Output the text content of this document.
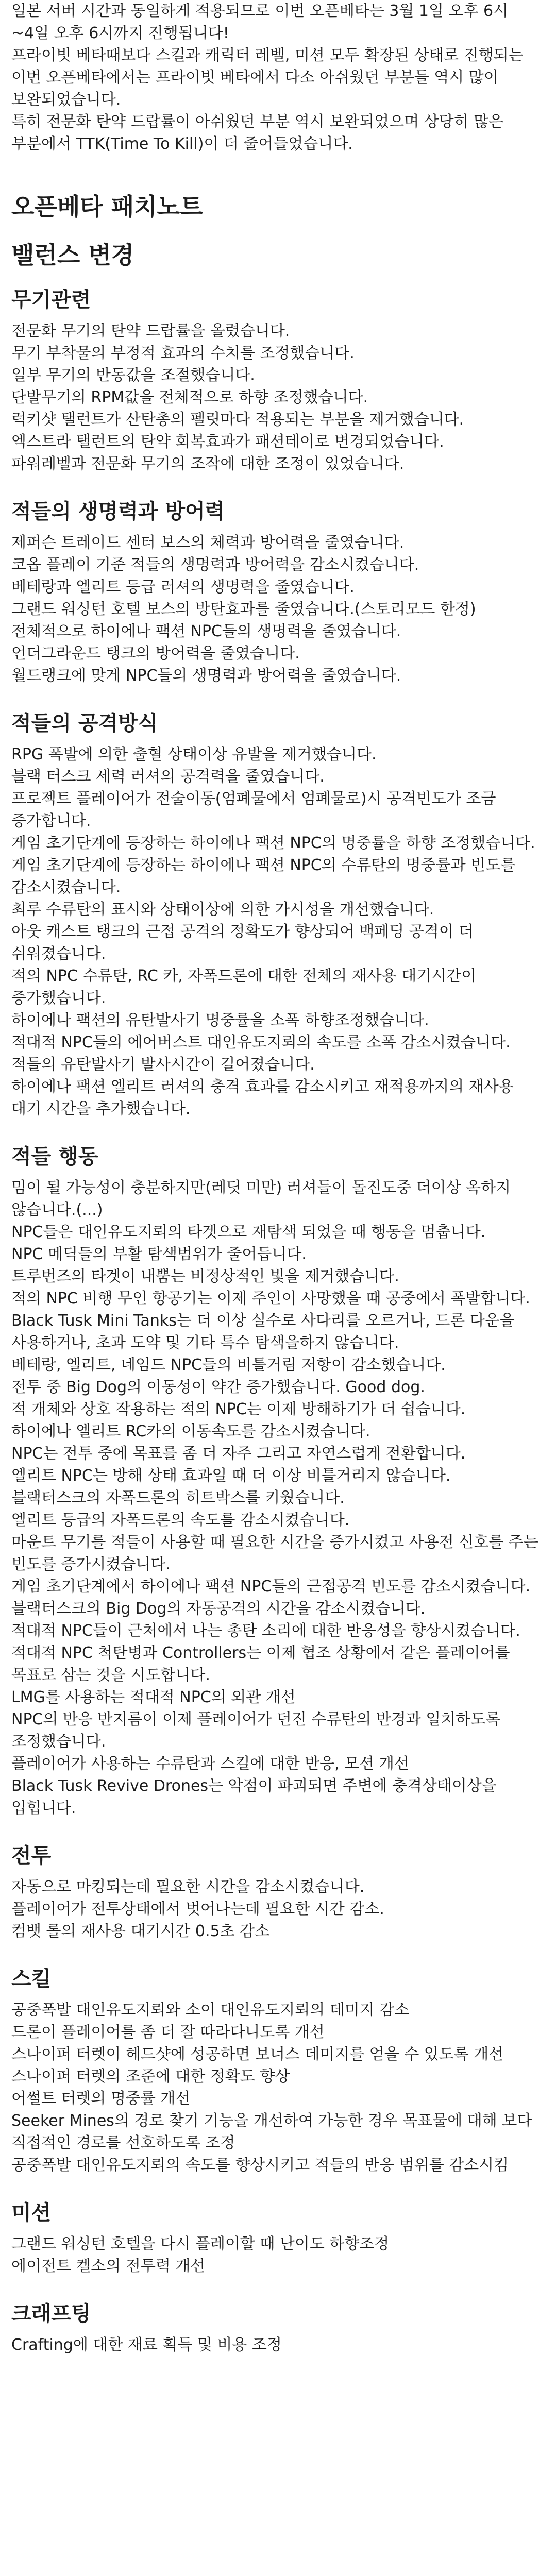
일본 서버 시간과 동일하게 적용되므로 이번 오픈베타는 3월 1일 오후 6시 ~4일 오후 6시까지 진행됩니다!

프라이빗 베타때보다 스킬과 캐릭터 레벨, 미션 모두 확장된 상태로 진행되는 이번 오픈베타에서는 프라이빗 베타에서 다소 아쉬웠던 부분들 역시 많이 보완되었습니다.

특히 전문화 탄약 드랍률이 아쉬웠던 부분 역시 보완되었으며 상당히 많은 부분에서 TTK(Time To Kill)이 더 줄어들었습니다.

오픈베타 패치노트
밸런스 변경
무기관련

전문화 무기의 탄약 드랍률을 올렸습니다.

무기 부착물의 부정적 효과의 수치를 조정했습니다.

일부 무기의 반동값을 조절했습니다.

단발무기의 RPM값을 전체적으로 하향 조정했습니다.

럭키샷 탤런트가 산탄총의 펠릿마다 적용되는 부분을 제거했습니다.

엑스트라 탤런트의 탄약 회복효과가 패션테이로 변경되었습니다.

파워레벨과 전문화 무기의 조작에 대한 조정이 있었습니다.

적들의 생명력과 방어력

제퍼슨 트레이드 센터 보스의 체력과 방어력을 줄였습니다.

코옵 플레이 기준 적들의 생명력과 방어력을 감소시켰습니다.

베테랑과 엘리트 등급 러셔의 생명력을 줄였습니다.

그랜드 워싱턴 호텔 보스의 방탄효과를 줄였습니다.(스토리모드 한정)

전체적으로 하이에나 팩션 NPC들의 생명력을 줄였습니다.

언더그라운드 탱크의 방어력을 줄였습니다.

월드랭크에 맞게 NPC들의 생명력과 방어력을 줄였습니다.

적들의 공격방식

RPG 폭발에 의한 출혈 상태이상 유발을 제거했습니다.

블랙 터스크 세력 러셔의 공격력을 줄였습니다.

프로젝트 플레이어가 전술이동(엄폐물에서 엄폐물로)시 공격빈도가 조금 증가합니다.

게임 초기단계에 등장하는 하이에나 팩션 NPC의 명중률을 하향 조정했습니다.

게임 초기단계에 등장하는 하이에나 팩션 NPC의 수류탄의 명중률과 빈도를 감소시켰습니다.

최루 수류탄의 표시와 상태이상에 의한 가시성을 개선했습니다.

아웃 캐스트 탱크의 근접 공격의 정확도가 향상되어 백페딩 공격이 더 쉬워졌습니다.

적의 NPC 수류탄, RC 카, 자폭드론에 대한 전체의 재사용 대기시간이 증가했습니다.

하이에나 팩션의 유탄발사기 명중률을 소폭 하향조정했습니다.

적대적 NPC들의 에어버스트 대인유도지뢰의 속도를 소폭 감소시켰습니다.

적들의 유탄발사기 발사시간이 길어졌습니다.

하이에나 팩션 엘리트 러셔의 충격 효과를 감소시키고 재적용까지의 재사용 대기 시간을 추가했습니다.

적들 행동

밈이 될 가능성이 충분하지만(레딧 미만) 러셔들이 돌진도중 더이상 옥하지 않습니다.(...)

NPC들은 대인유도지뢰의 타겟으로 재탐색 되었을 때 행동을 멈춥니다.

NPC 메딕들의 부활 탐색범위가 줄어듭니다.

트루번즈의 타겟이 내뿜는 비정상적인 빛을 제거했습니다.

적의 NPC 비행 무인 항공기는 이제 주인이 사망했을 때 공중에서 폭발합니다.

Black Tusk Mini Tanks는 더 이상 실수로 사다리를 오르거나, 드론 다운을 사용하거나, 초과 도약 및 기타 특수 탐색을하지 않습니다.

베테랑, 엘리트, 네임드 NPC들의 비틀거림 저항이 감소했습니다.

전투 중 Big Dog의 이동성이 약간 증가했습니다. Good dog.

적 개체와 상호 작용하는 적의 NPC는 이제 방해하기가 더 쉽습니다.

하이에나 엘리트 RC카의 이동속도를 감소시켰습니다.

NPC는 전투 중에 목표를 좀 더 자주 그리고 자연스럽게 전환합니다.

엘리트 NPC는 방해 상태 효과일 때 더 이상 비틀거리지 않습니다.

블랙터스크의 자폭드론의 히트박스를 키웠습니다.

엘리트 등급의 자폭드론의 속도를 감소시켰습니다.

마운트 무기를 적들이 사용할 때 필요한 시간을 증가시켰고 사용전 신호를 주는 빈도를 증가시켰습니다.

게임 초기단계에서 하이에나 팩션 NPC들의 근접공격 빈도를 감소시켰습니다.

블랙터스크의 Big Dog의 자동공격의 시간을 감소시켰습니다.

적대적 NPC들이 근처에서 나는 총탄 소리에 대한 반응성을 향상시켰습니다.

적대적 NPC 척탄병과 Controllers는 이제 협조 상황에서 같은 플레이어를 목표로 삼는 것을 시도합니다.

LMG를 사용하는 적대적 NPC의 외관 개선

NPC의 반응 반지름이 이제 플레이어가 던진 수류탄의 반경과 일치하도록 조정했습니다.

플레이어가 사용하는 수류탄과 스킬에 대한 반응, 모션 개선

Black Tusk Revive Drones는 악점이 파괴되면 주변에 충격상태이상을 입힙니다.

전투

자동으로 마킹되는데 필요한 시간을 감소시켰습니다.

플레이어가 전투상태에서 벗어나는데 필요한 시간 감소.

컴뱃 롤의 재사용 대기시간 0.5초 감소

스킬

공중폭발 대인유도지뢰와 소이 대인유도지뢰의 데미지 감소

드론이 플레이어를 좀 더 잘 따라다니도록 개선

스나이퍼 터렛이 헤드샷에 성공하면 보너스 데미지를 얻을 수 있도록 개선

스나이퍼 터렛의 조준에 대한 정확도 향상

어썰트 터렛의 명중률 개선

Seeker Mines의 경로 찾기 기능을 개선하여 가능한 경우 목표물에 대해 보다 직접적인 경로를 선호하도록 조정

공중폭발 대인유도지뢰의 속도를 향상시키고 적들의 반응 범위를 감소시킴

미션

그랜드 워싱턴 호텔을 다시 플레이할 때 난이도 하향조정

에이전트 켈소의 전투력 개선

크래프팅

Crafting에 대한 재료 획득 및 비용 조정
